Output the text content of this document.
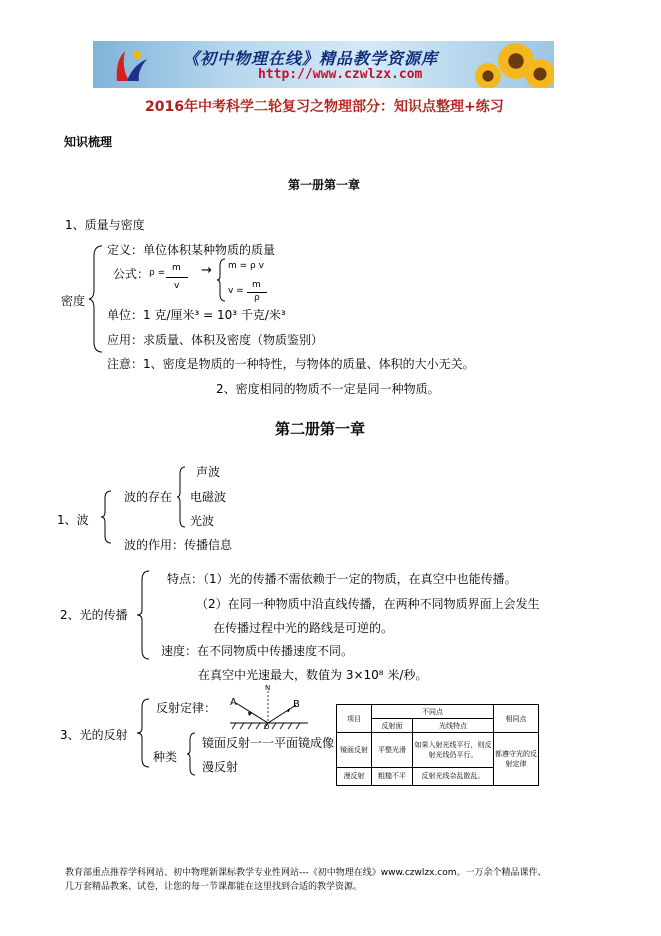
《初中物理在线》精品教学资源库
http://www.czwlzx.com
2016年中考科学二轮复习之物理部分：知识点整理+练习
知识梳理
第一册第一章
1、质量与密度
密度
定义：单位体积某种物质的质量
公式： ρ = m
v
→ m = ρ v
v =
m
ρ
单位：1 克/厘米³ = 10³ 千克/米³
应用：求质量、体积及密度（物质鉴别）
注意：1、密度是物质的一种特性，与物体的质量、体积的大小无关。
2、密度相同的物质不一定是同一种物质。
第二册第一章
1、波
波的存在
声波
电磁波
光波
波的作用：传播信息
2、光的传播
特点：（1）光的传播不需依赖于一定的物质，在真空中也能传播。
（2）在同一种物质中沿直线传播，在两种不同物质界面上会发生
在传播过程中光的路线是可逆的。
速度：在不同物质中传播速度不同。
在真空中光速最大，数值为 3×10⁸ 米/秒。
3、光的反射
反射定律： A	B
N
O
种类
镜面反射一一平面镜成像
漫反射
项目	不同点		相同点
	反射面	光线特点	
镜面反射	平整光滑	如果入射光线平行，则反射光线仍平行。	都遵守光的反射定律
漫反射	粗糙不平	反射光线杂乱散乱。	
教育部重点推荐学科网站、初中物理新课标教学专业性网站---《初中物理在线》www.czwlzx.com。一万余个精品课件、
几万套精品教案、试卷，让您的每一节课都能在这里找到合适的教学资源。
